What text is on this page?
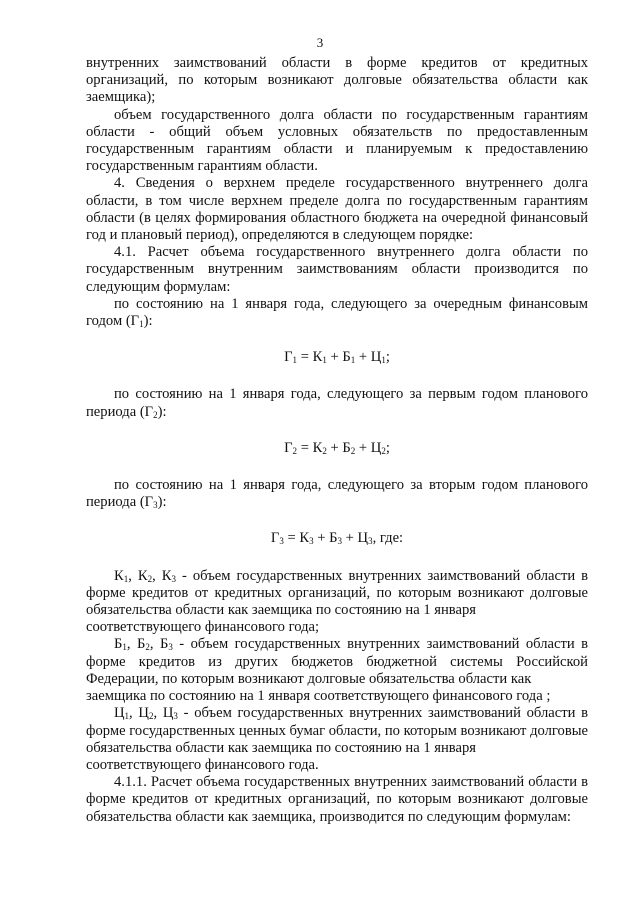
3

внутренних заимствований области в форме кредитов от кредитных организаций, по которым возникают долговые обязательства области как заемщика);

объем государственного долга области по государственным гарантиям области - общий объем условных обязательств по предоставленным государственным гарантиям области и планируемым к предоставлению государственным гарантиям области.

4. Сведения о верхнем пределе государственного внутреннего долга области, в том числе верхнем пределе долга по государственным гарантиям области (в целях формирования областного бюджета на очередной финансовый год и плановый период), определяются в следующем порядке:

4.1. Расчет объема государственного внутреннего долга области по государственным внутренним заимствованиям области производится по следующим формулам:

по состоянию на 1 января года, следующего за очередным финансовым годом $(Г_1)$:

$Г_1 = К_1 + Б_1 + Ц_1$;

по состоянию на 1 января года, следующего за первым годом планового периода $(Г_2)$:

$Г_2 = К_2 + Б_2 + Ц_2$;

по состоянию на 1 января года, следующего за вторым годом планового периода $(Г_3)$:

$Г_3 = К_3 + Б_3 + Ц_3$, где:

$К_1$, $К_2$, $К_3$ - объем государственных внутренних заимствований области в форме кредитов от кредитных организаций, по которым возникают долговые обязательства области как заемщика по состоянию на 1 января

соответствующего финансового года;

$Б_1$, $Б_2$, $Б_3$ - объем государственных внутренних заимствований области в форме кредитов из других бюджетов бюджетной системы Российской Федерации, по которым возникают долговые обязательства области как

заемщика по состоянию на 1 января соответствующего финансового года ;

$Ц_1$, $Ц_2$, $Ц_3$ - объем государственных внутренних заимствований области в форме государственных ценных бумаг области, по которым возникают долговые обязательства области как заемщика по состоянию на 1 января

соответствующего финансового года.

4.1.1. Расчет объема государственных внутренних заимствований области в форме кредитов от кредитных организаций, по которым возникают долговые обязательства области как заемщика, производится по следующим формулам:
